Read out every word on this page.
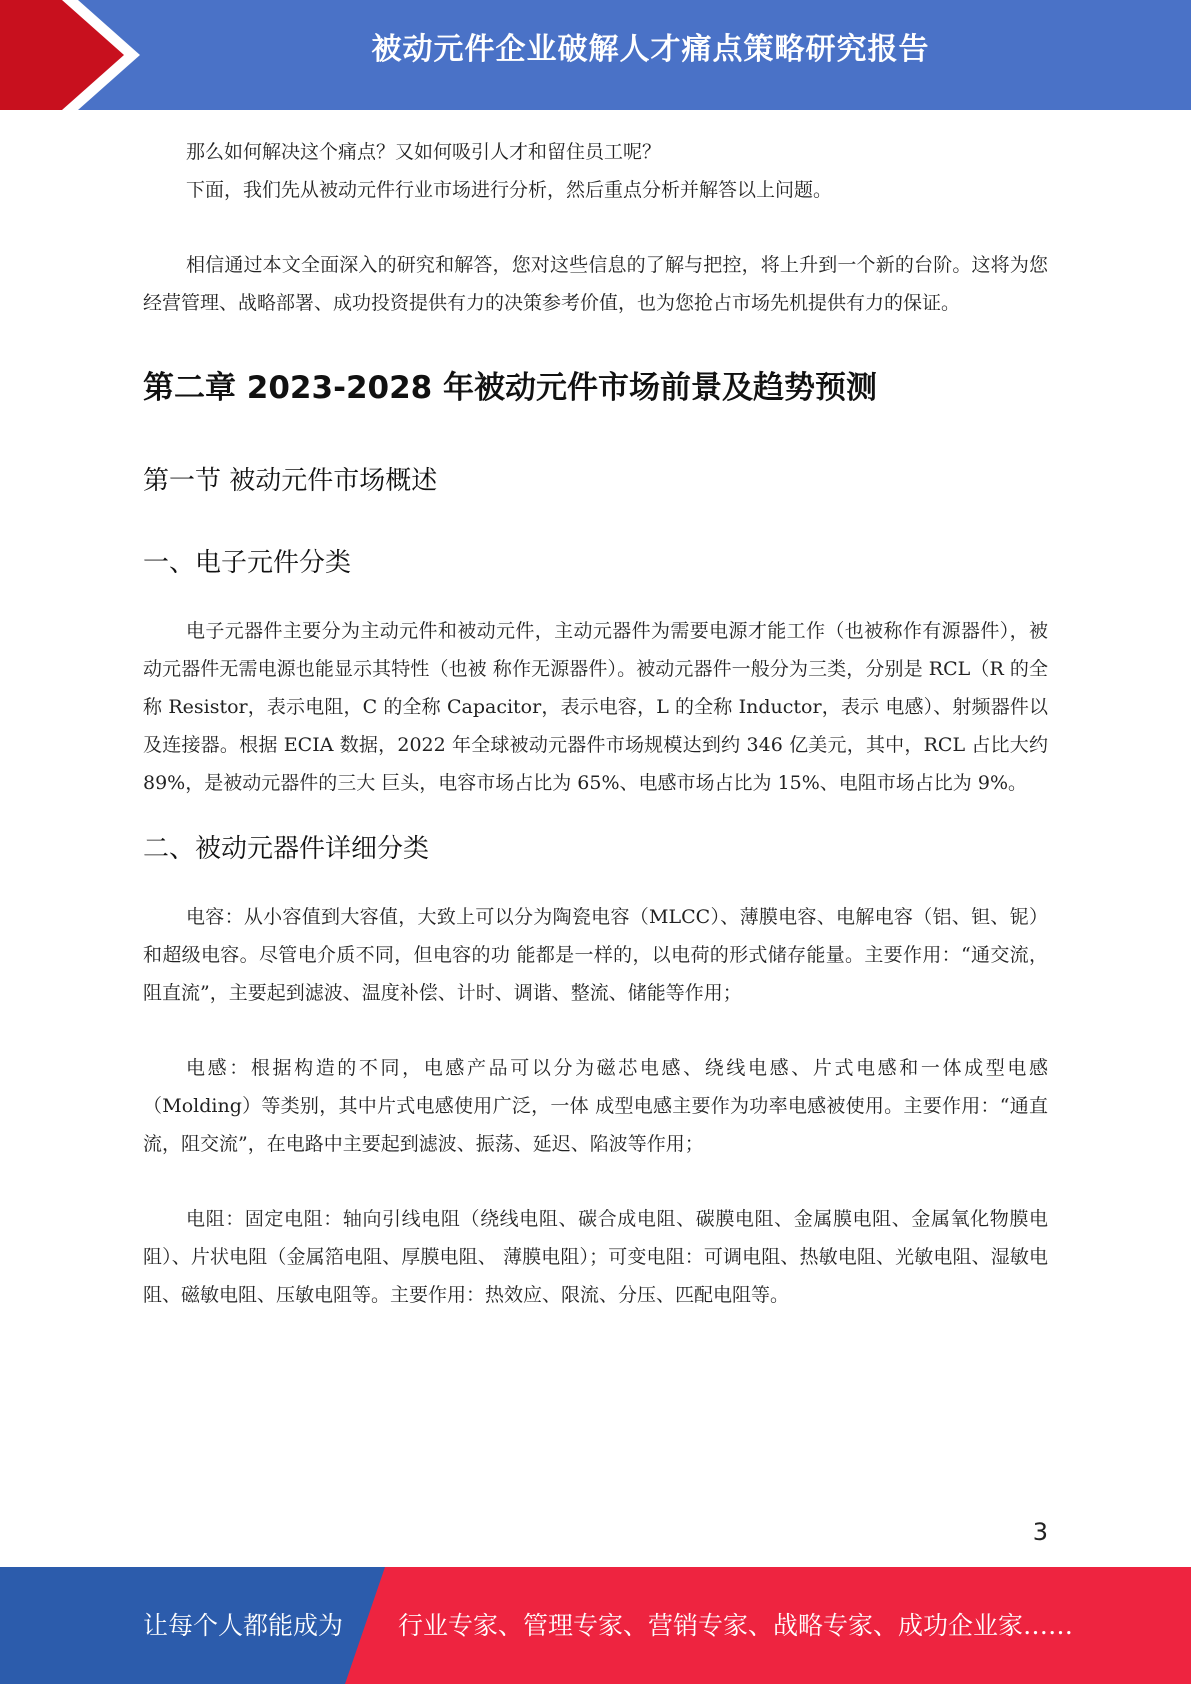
被动元件企业破解人才痛点策略研究报告

那么如何解决这个痛点？又如何吸引人才和留住员工呢？

下面，我们先从被动元件行业市场进行分析，然后重点分析并解答以上问题。

相信通过本文全面深入的研究和解答，您对这些信息的了解与把控，将上升到一个新的台阶。这将为您经营管理、战略部署、成功投资提供有力的决策参考价值，也为您抢占市场先机提供有力的保证。

第二章 2023-2028 年被动元件市场前景及趋势预测
第一节 被动元件市场概述
一、电子元件分类

电子元器件主要分为主动元件和被动元件，主动元器件为需要电源才能工作（也被称作有源器件），被动元器件无需电源也能显示其特性（也被 称作无源器件）。被动元器件一般分为三类，分别是 RCL（R 的全称 Resistor，表示电阻，C 的全称 Capacitor，表示电容，L 的全称 Inductor，表示 电感）、射频器件以及连接器。根据 ECIA 数据，2022 年全球被动元器件市场规模达到约 346 亿美元，其中，RCL 占比大约 89%，是被动元器件的三大 巨头，电容市场占比为 65%、电感市场占比为 15%、电阻市场占比为 9%。

二、被动元器件详细分类

电容：从小容值到大容值，大致上可以分为陶瓷电容（MLCC）、薄膜电容、电解电容（铝、钽、铌）和超级电容。尽管电介质不同，但电容的功 能都是一样的，以电荷的形式储存能量。主要作用：“通交流，阻直流”，主要起到滤波、温度补偿、计时、调谐、整流、储能等作用；

电感：根据构造的不同，电感产品可以分为磁芯电感、绕线电感、片式电感和一体成型电感（Molding）等类别，其中片式电感使用广泛，一体 成型电感主要作为功率电感被使用。主要作用：“通直流，阻交流”，在电路中主要起到滤波、振荡、延迟、陷波等作用；

电阻：固定电阻：轴向引线电阻（绕线电阻、碳合成电阻、碳膜电阻、金属膜电阻、金属氧化物膜电阻）、片状电阻（金属箔电阻、厚膜电阻、 薄膜电阻）；可变电阻：可调电阻、热敏电阻、光敏电阻、湿敏电阻、磁敏电阻、压敏电阻等。主要作用：热效应、限流、分压、匹配电阻等。

3
让每个人都能成为 行业专家、管理专家、营销专家、战略专家、成功企业家……
